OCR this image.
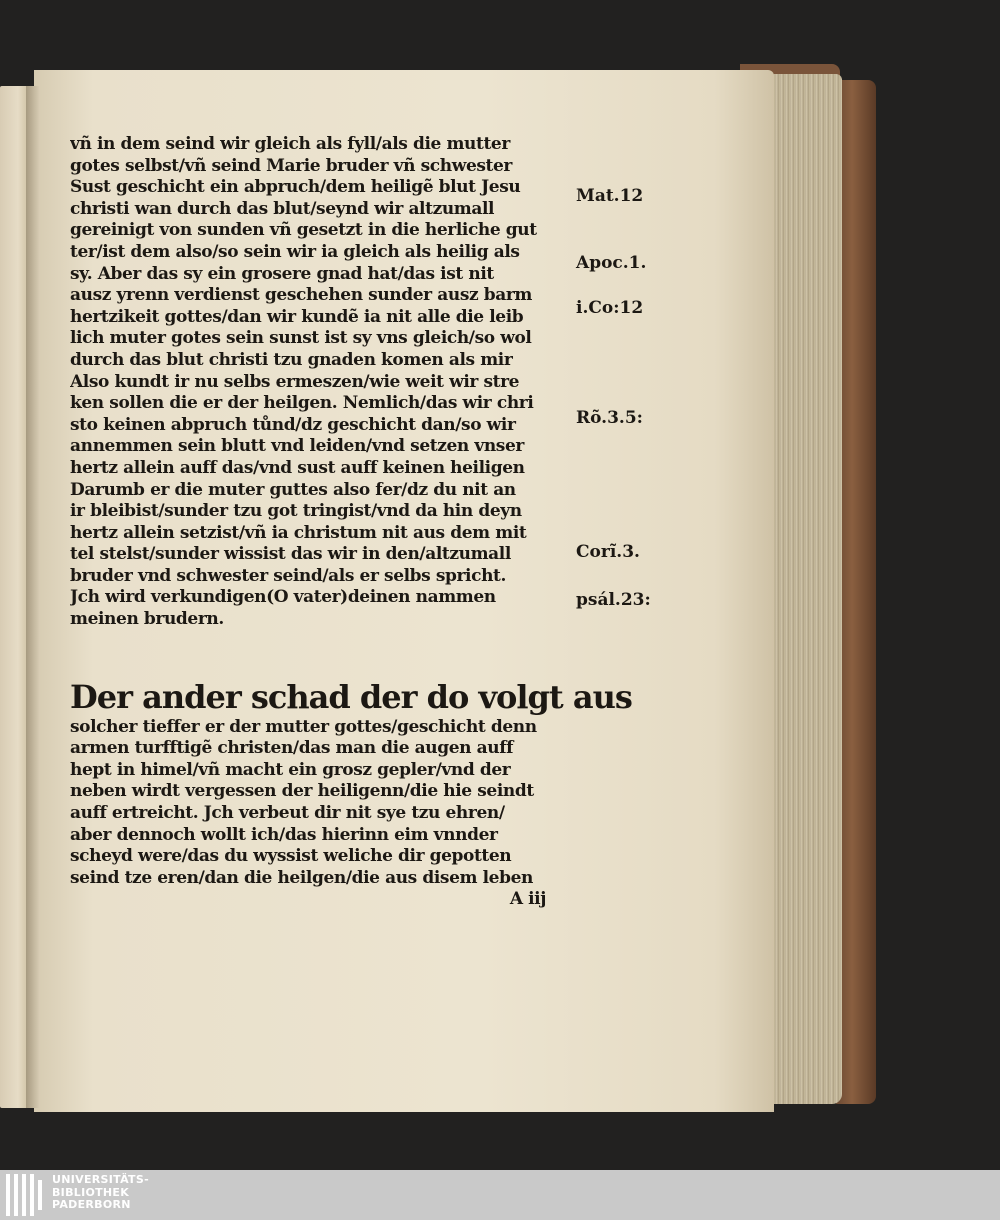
vñ in dem seind wir gleich als fyll/als die mutter
gotes selbst/vñ seind Marie bruder vñ schwester
Sust geschicht ein abpruch/dem heiligẽ blut Jesu
christi wan durch das blut/seynd wir altzumall
gereinigt von sunden vñ gesetzt in die herliche gut
ter/ist dem also/so sein wir ia gleich als heilig als
sy. Aber das sy ein grosere gnad hat/das ist nit
ausz yrenn verdienst geschehen sunder ausz barm
hertzikeit gottes/dan wir kundẽ ia nit alle die leib
lich muter gotes sein sunst ist sy vns gleich/so wol
durch das blut christi tzu gnaden komen als mir
Also kundt ir nu selbs ermeszen/wie weit wir stre
ken sollen die er der heilgen. Nemlich/das wir chri
sto keinen abpruch tůnd/dz geschicht dan/so wir
annemmen sein blutt vnd leiden/vnd setzen vnser
hertz allein auff das/vnd sust auff keinen heiligen
Darumb er die muter guttes also fer/dz du nit an
ir bleibist/sunder tzu got tringist/vnd da hin deyn
hertz allein setzist/vñ ia christum nit aus dem mit
tel stelst/sunder wissist das wir in den/altzumall
bruder vnd schwester seind/als er selbs spricht.
Jch wird verkundigen(O vater)deinen nammen
meinen brudern.
Der ander schad der do volgt aus
solcher tieffer er der mutter gottes/geschicht denn
armen turfftigẽ christen/das man die augen auff
hept in himel/vñ macht ein grosz gepler/vnd der
neben wirdt vergessen der heiligenn/die hie seindt
auff ertreicht. Jch verbeut dir nit sye tzu ehren/
aber dennoch wollt ich/das hierinn eim vnnder
scheyd were/das du wyssist weliche dir gepotten
seind tze eren/dan die heilgen/die aus disem leben
A iij
Mat.12
Apoc.1.
i.Co:12
Rõ.3.5:
Corĩ.3.
psál.23:
UNIVERSITÄTS-
BIBLIOTHEK
PADERBORN
